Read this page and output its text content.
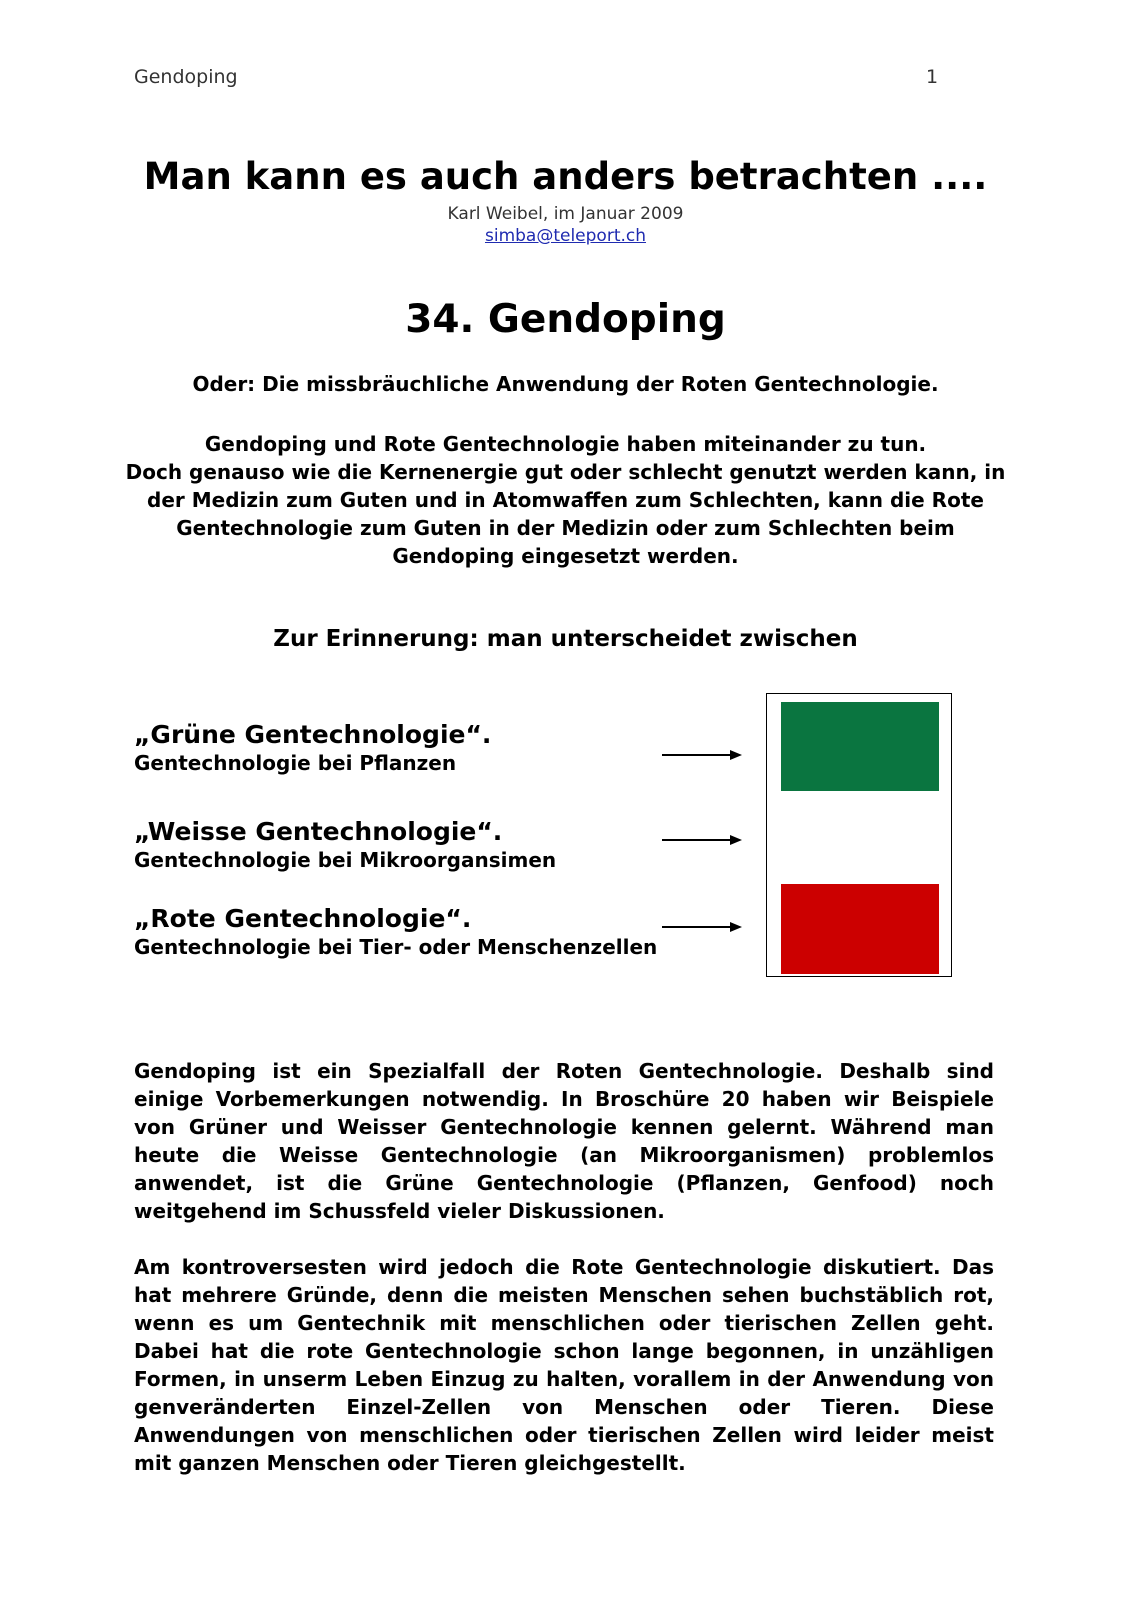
Gendoping	1
Man kann es auch anders betrachten ....
Karl Weibel, im Januar 2009
simba@teleport.ch
34. Gendoping
Oder: Die missbräuchliche Anwendung der Roten Gentechnologie.
Gendoping und Rote Gentechnologie haben miteinander zu tun.
Doch genauso wie die Kernenergie gut oder schlecht genutzt werden kann, in
der Medizin zum Guten und in Atomwaffen zum Schlechten, kann die Rote
Gentechnologie zum Guten in der Medizin oder zum Schlechten beim
Gendoping eingesetzt werden.
Zur Erinnerung: man unterscheidet zwischen
„Grüne Gentechnologie“.
Gentechnologie bei Pflanzen
„Weisse Gentechnologie“.
Gentechnologie bei Mikroorgansimen
„Rote Gentechnologie“.
Gentechnologie bei Tier- oder Menschenzellen
Gendoping ist ein Spezialfall der Roten Gentechnologie. Deshalb sind einige Vorbemerkungen notwendig. In Broschüre 20 haben wir Beispiele von Grüner und Weisser Gentechnologie kennen gelernt. Während man heute die Weisse Gentechnologie (an Mikroorganismen) problemlos anwendet, ist die Grüne Gentechnologie (Pflanzen, Genfood) noch weitgehend im Schussfeld vieler Diskussionen.
Am kontroversesten wird jedoch die Rote Gentechnologie diskutiert. Das hat mehrere Gründe, denn die meisten Menschen sehen buchstäblich rot, wenn es um Gentechnik mit menschlichen oder tierischen Zellen geht. Dabei hat die rote Gentechnologie schon lange begonnen, in unzähligen Formen, in unserm Leben Einzug zu halten, vorallem in der Anwendung von genveränderten Einzel-Zellen von Menschen oder Tieren. Diese Anwendungen von menschlichen oder tierischen Zellen wird leider meist mit ganzen Menschen oder Tieren gleichgestellt.
